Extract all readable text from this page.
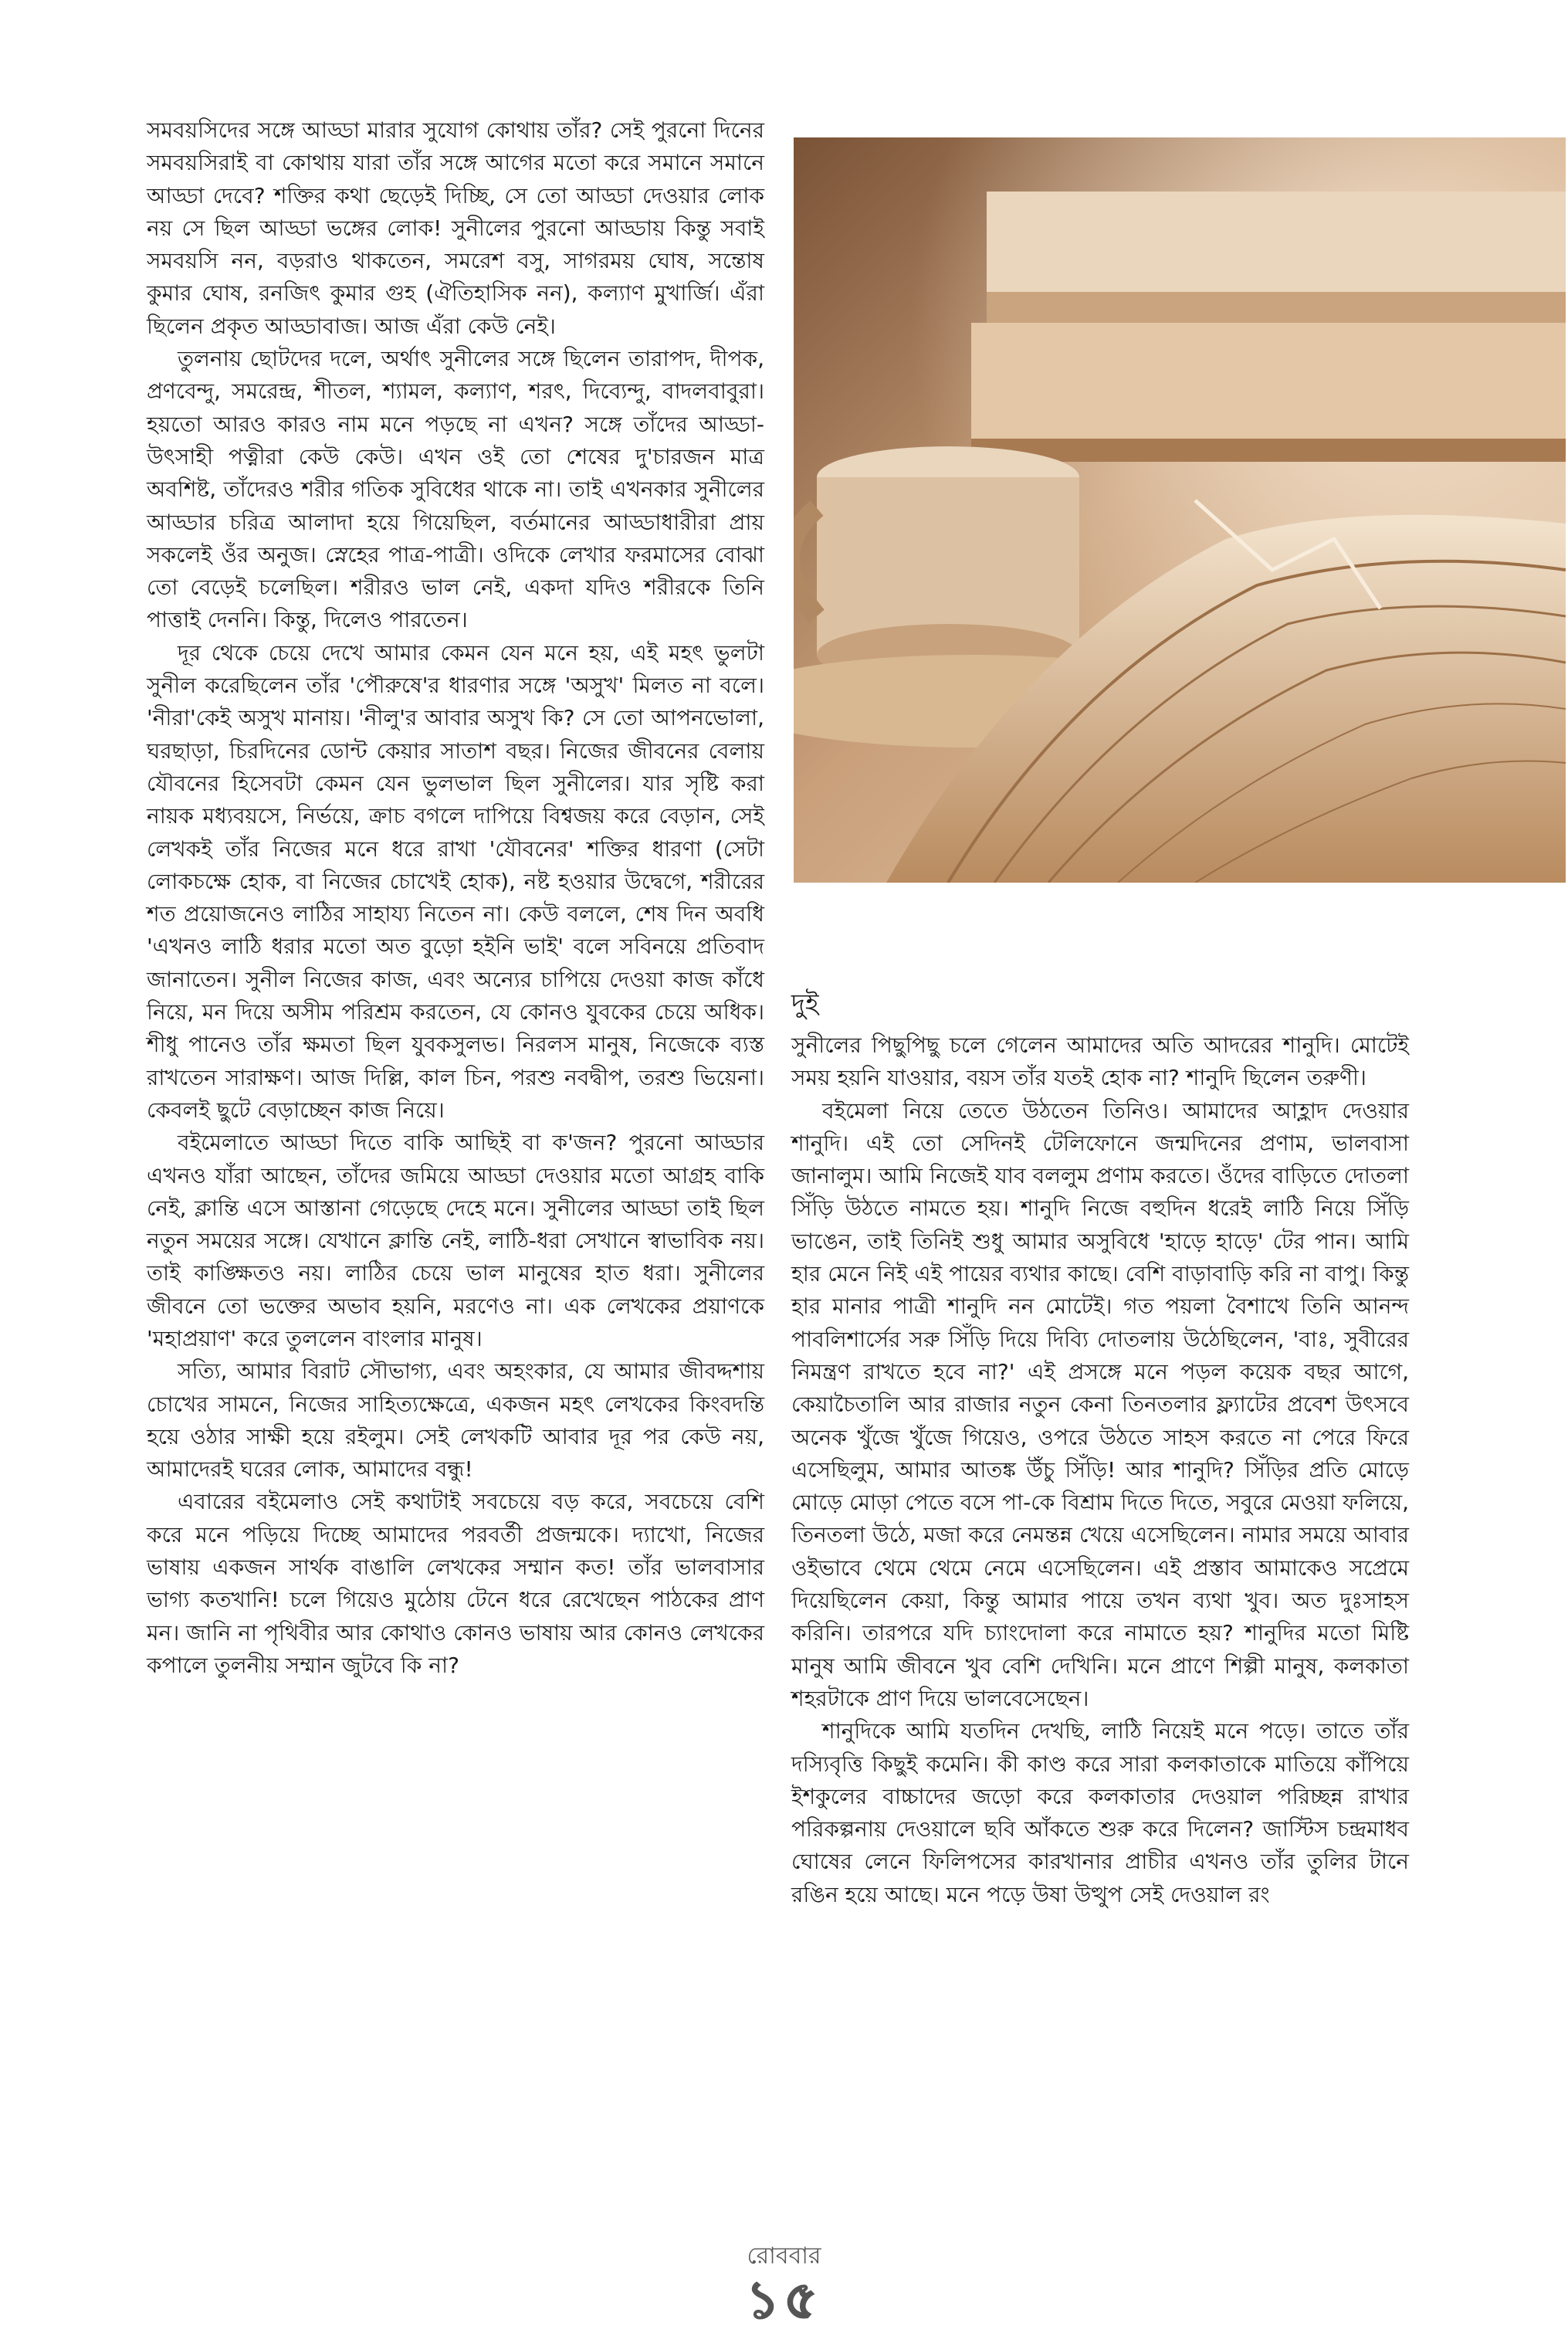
সমবয়সিদের সঙ্গে আড্ডা মারার সুযোগ কোথায় তাঁর? সেই পুরনো দিনের সমবয়সিরাই বা কোথায় যারা তাঁর সঙ্গে আগের মতো করে সমানে সমানে আড্ডা দেবে? শক্তির কথা ছেড়েই দিচ্ছি, সে তো আড্ডা দেওয়ার লোক নয় সে ছিল আড্ডা ভঙ্গের লোক! সুনীলের পুরনো আড্ডায় কিন্তু সবাই সমবয়সি নন, বড়রাও থাকতেন, সমরেশ বসু, সাগরময় ঘোষ, সন্তোষ কুমার ঘোষ, রনজিৎ কুমার গুহ (ঐতিহাসিক নন), কল্যাণ মুখার্জি। এঁরা ছিলেন প্রকৃত আড্ডাবাজ। আজ এঁরা কেউ নেই।

তুলনায় ছোটদের দলে, অর্থাৎ সুনীলের সঙ্গে ছিলেন তারাপদ, দীপক, প্রণবেন্দু, সমরেন্দ্র, শীতল, শ্যামল, কল্যাণ, শরৎ, দিব্যেন্দু, বাদলবাবুরা। হয়তো আরও কারও নাম মনে পড়ছে না এখন? সঙ্গে তাঁদের আড্ডা-উৎসাহী পত্নীরা কেউ কেউ। এখন ওই তো শেষের দু'চারজন মাত্র অবশিষ্ট, তাঁদেরও শরীর গতিক সুবিধের থাকে না। তাই এখনকার সুনীলের আড্ডার চরিত্র আলাদা হয়ে গিয়েছিল, বর্তমানের আড্ডাধারীরা প্রায় সকলেই ওঁর অনুজ। স্নেহের পাত্র-পাত্রী। ওদিকে লেখার ফরমাসের বোঝা তো বেড়েই চলেছিল। শরীরও ভাল নেই, একদা যদিও শরীরকে তিনি পাত্তাই দেননি। কিন্তু, দিলেও পারতেন।

দূর থেকে চেয়ে দেখে আমার কেমন যেন মনে হয়, এই মহৎ ভুলটা সুনীল করেছিলেন তাঁর 'পৌরুষে'র ধারণার সঙ্গে 'অসুখ' মিলত না বলে। 'নীরা'কেই অসুখ মানায়। 'নীলু'র আবার অসুখ কি? সে তো আপনভোলা, ঘরছাড়া, চিরদিনের ডোন্ট কেয়ার সাতাশ বছর। নিজের জীবনের বেলায় যৌবনের হিসেবটা কেমন যেন ভুলভাল ছিল সুনীলের। যার সৃষ্টি করা নায়ক মধ্যবয়সে, নির্ভয়ে, ক্রাচ বগলে দাপিয়ে বিশ্বজয় করে বেড়ান, সেই লেখকই তাঁর নিজের মনে ধরে রাখা 'যৌবনের' শক্তির ধারণা (সেটা লোকচক্ষে হোক, বা নিজের চোখেই হোক), নষ্ট হওয়ার উদ্বেগে, শরীরের শত প্রয়োজনেও লাঠির সাহায্য নিতেন না। কেউ বললে, শেষ দিন অবধি 'এখনও লাঠি ধরার মতো অত বুড়ো হইনি ভাই' বলে সবিনয়ে প্রতিবাদ জানাতেন। সুনীল নিজের কাজ, এবং অন্যের চাপিয়ে দেওয়া কাজ কাঁধে নিয়ে, মন দিয়ে অসীম পরিশ্রম করতেন, যে কোনও যুবকের চেয়ে অধিক। শীধু পানেও তাঁর ক্ষমতা ছিল যুবকসুলভ। নিরলস মানুষ, নিজেকে ব্যস্ত রাখতেন সারাক্ষণ। আজ দিল্লি, কাল চিন, পরশু নবদ্বীপ, তরশু ভিয়েনা। কেবলই ছুটে বেড়াচ্ছেন কাজ নিয়ে।

বইমেলাতে আড্ডা দিতে বাকি আছিই বা ক'জন? পুরনো আড্ডার এখনও যাঁরা আছেন, তাঁদের জমিয়ে আড্ডা দেওয়ার মতো আগ্রহ বাকি নেই, ক্লান্তি এসে আস্তানা গেড়েছে দেহে মনে। সুনীলের আড্ডা তাই ছিল নতুন সময়ের সঙ্গে। যেখানে ক্লান্তি নেই, লাঠি-ধরা সেখানে স্বাভাবিক নয়। তাই কাঙ্ক্ষিতও নয়। লাঠির চেয়ে ভাল মানুষের হাত ধরা। সুনীলের জীবনে তো ভক্তের অভাব হয়নি, মরণেও না। এক লেখকের প্রয়াণকে 'মহাপ্রয়াণ' করে তুললেন বাংলার মানুষ।

সত্যি, আমার বিরাট সৌভাগ্য, এবং অহংকার, যে আমার জীবদ্দশায় চোখের সামনে, নিজের সাহিত্যক্ষেত্রে, একজন মহৎ লেখকের কিংবদন্তি হয়ে ওঠার সাক্ষী হয়ে রইলুম। সেই লেখকটি আবার দূর পর কেউ নয়, আমাদেরই ঘরের লোক, আমাদের বন্ধু!

এবারের বইমেলাও সেই কথাটাই সবচেয়ে বড় করে, সবচেয়ে বেশি করে মনে পড়িয়ে দিচ্ছে আমাদের পরবর্তী প্রজন্মকে। দ্যাখো, নিজের ভাষায় একজন সার্থক বাঙালি লেখকের সম্মান কত! তাঁর ভালবাসার ভাগ্য কতখানি! চলে গিয়েও মুঠোয় টেনে ধরে রেখেছেন পাঠকের প্রাণ মন। জানি না পৃথিবীর আর কোথাও কোনও ভাষায় আর কোনও লেখকের কপালে তুলনীয় সম্মান জুটবে কি না?

দুই

সুনীলের পিছুপিছু চলে গেলেন আমাদের অতি আদরের শানুদি। মোটেই সময় হয়নি যাওয়ার, বয়স তাঁর যতই হোক না? শানুদি ছিলেন তরুণী।

বইমেলা নিয়ে তেতে উঠতেন তিনিও। আমাদের আহ্লাদ দেওয়ার শানুদি। এই তো সেদিনই টেলিফোনে জন্মদিনের প্রণাম, ভালবাসা জানালুম। আমি নিজেই যাব বললুম প্রণাম করতে। ওঁদের বাড়িতে দোতলা সিঁড়ি উঠতে নামতে হয়। শানুদি নিজে বহুদিন ধরেই লাঠি নিয়ে সিঁড়ি ভাঙেন, তাই তিনিই শুধু আমার অসুবিধে 'হাড়ে হাড়ে' টের পান। আমি হার মেনে নিই এই পায়ের ব্যথার কাছে। বেশি বাড়াবাড়ি করি না বাপু। কিন্তু হার মানার পাত্রী শানুদি নন মোটেই। গত পয়লা বৈশাখে তিনি আনন্দ পাবলিশার্সের সরু সিঁড়ি দিয়ে দিব্যি দোতলায় উঠেছিলেন, 'বাঃ, সুবীরের নিমন্ত্রণ রাখতে হবে না?' এই প্রসঙ্গে মনে পড়ল কয়েক বছর আগে, কেয়াচৈতালি আর রাজার নতুন কেনা তিনতলার ফ্ল্যাটের প্রবেশ উৎসবে অনেক খুঁজে খুঁজে গিয়েও, ওপরে উঠতে সাহস করতে না পেরে ফিরে এসেছিলুম, আমার আতঙ্ক উঁচু সিঁড়ি! আর শানুদি? সিঁড়ির প্রতি মোড়ে মোড়ে মোড়া পেতে বসে পা-কে বিশ্রাম দিতে দিতে, সবুরে মেওয়া ফলিয়ে, তিনতলা উঠে, মজা করে নেমন্তন্ন খেয়ে এসেছিলেন। নামার সময়ে আবার ওইভাবে থেমে থেমে নেমে এসেছিলেন। এই প্রস্তাব আমাকেও সপ্রেমে দিয়েছিলেন কেয়া, কিন্তু আমার পায়ে তখন ব্যথা খুব। অত দুঃসাহস করিনি। তারপরে যদি চ্যাংদোলা করে নামাতে হয়? শানুদির মতো মিষ্টি মানুষ আমি জীবনে খুব বেশি দেখিনি। মনে প্রাণে শিল্পী মানুষ, কলকাতা শহরটাকে প্রাণ দিয়ে ভালবেসেছেন।

শানুদিকে আমি যতদিন দেখছি, লাঠি নিয়েই মনে পড়ে। তাতে তাঁর দস্যিবৃত্তি কিছুই কমেনি। কী কাণ্ড করে সারা কলকাতাকে মাতিয়ে কাঁপিয়ে ইশকুলের বাচ্চাদের জড়ো করে কলকাতার দেওয়াল পরিচ্ছন্ন রাখার পরিকল্পনায় দেওয়ালে ছবি আঁকতে শুরু করে দিলেন? জাস্টিস চন্দ্রমাধব ঘোষের লেনে ফিলিপসের কারখানার প্রাচীর এখনও তাঁর তুলির টানে রঙিন হয়ে আছে। মনে পড়ে উষা উত্থুপ সেই দেওয়াল রং

রোববার
১৫
